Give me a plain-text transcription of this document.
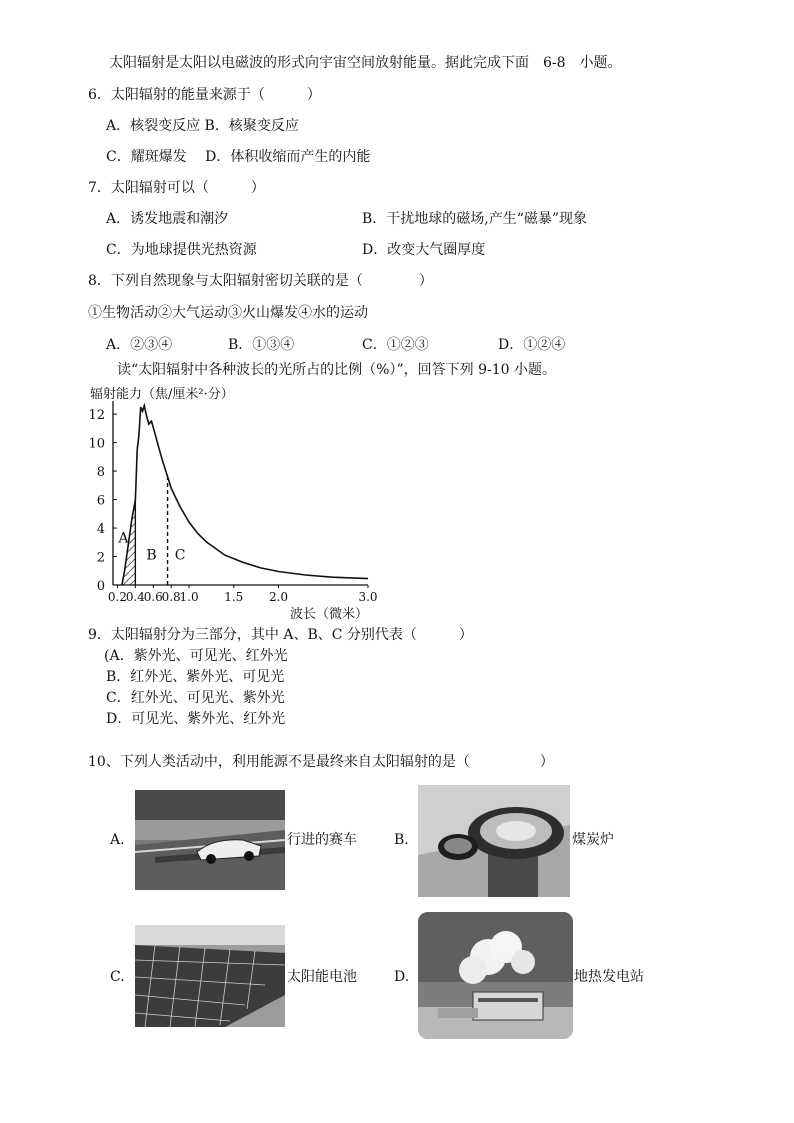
太阳辐射是太阳以电磁波的形式向宇宙空间放射能量。据此完成下面　6-8　小题。
6．太阳辐射的能量来源于（　　　）
A．核裂变反应 B．核聚变反应
C．耀斑爆发　 D．体积收缩而产生的内能
7．太阳辐射可以（　　　）
A．诱发地震和潮汐	B．干扰地球的磁场,产生“磁暴”现象
C．为地球提供光热资源	D．改变大气圈厚度
8．下列自然现象与太阳辐射密切关联的是（　　　　）
①生物活动②大气运动③火山爆发④水的运动
A．②③④	B．①③④	C．①②③	D．①②④
读“太阳辐射中各种波长的光所占的比例（%）”，回答下列 9-10 小题。
辐射能力（焦/厘米²·分）
波长（微米）
0
2
4
6
8
10
12
0.2
0.4
0.6
0.8
1.0 1.5 2.0	3.0
A
B C
9．太阳辐射分为三部分，其中 A、B、C 分别代表（　　　）
(A．紫外光、可见光、红外光
B．红外光、紫外光、可见光
C．红外光、可见光、紫外光
D．可见光、紫外光、红外光
10、下列人类活动中，利用能源不是最终来自太阳辐射的是（　　　　　）
A.	行进的赛车	B.	煤炭炉
C.	太阳能电池	D.	地热发电站
